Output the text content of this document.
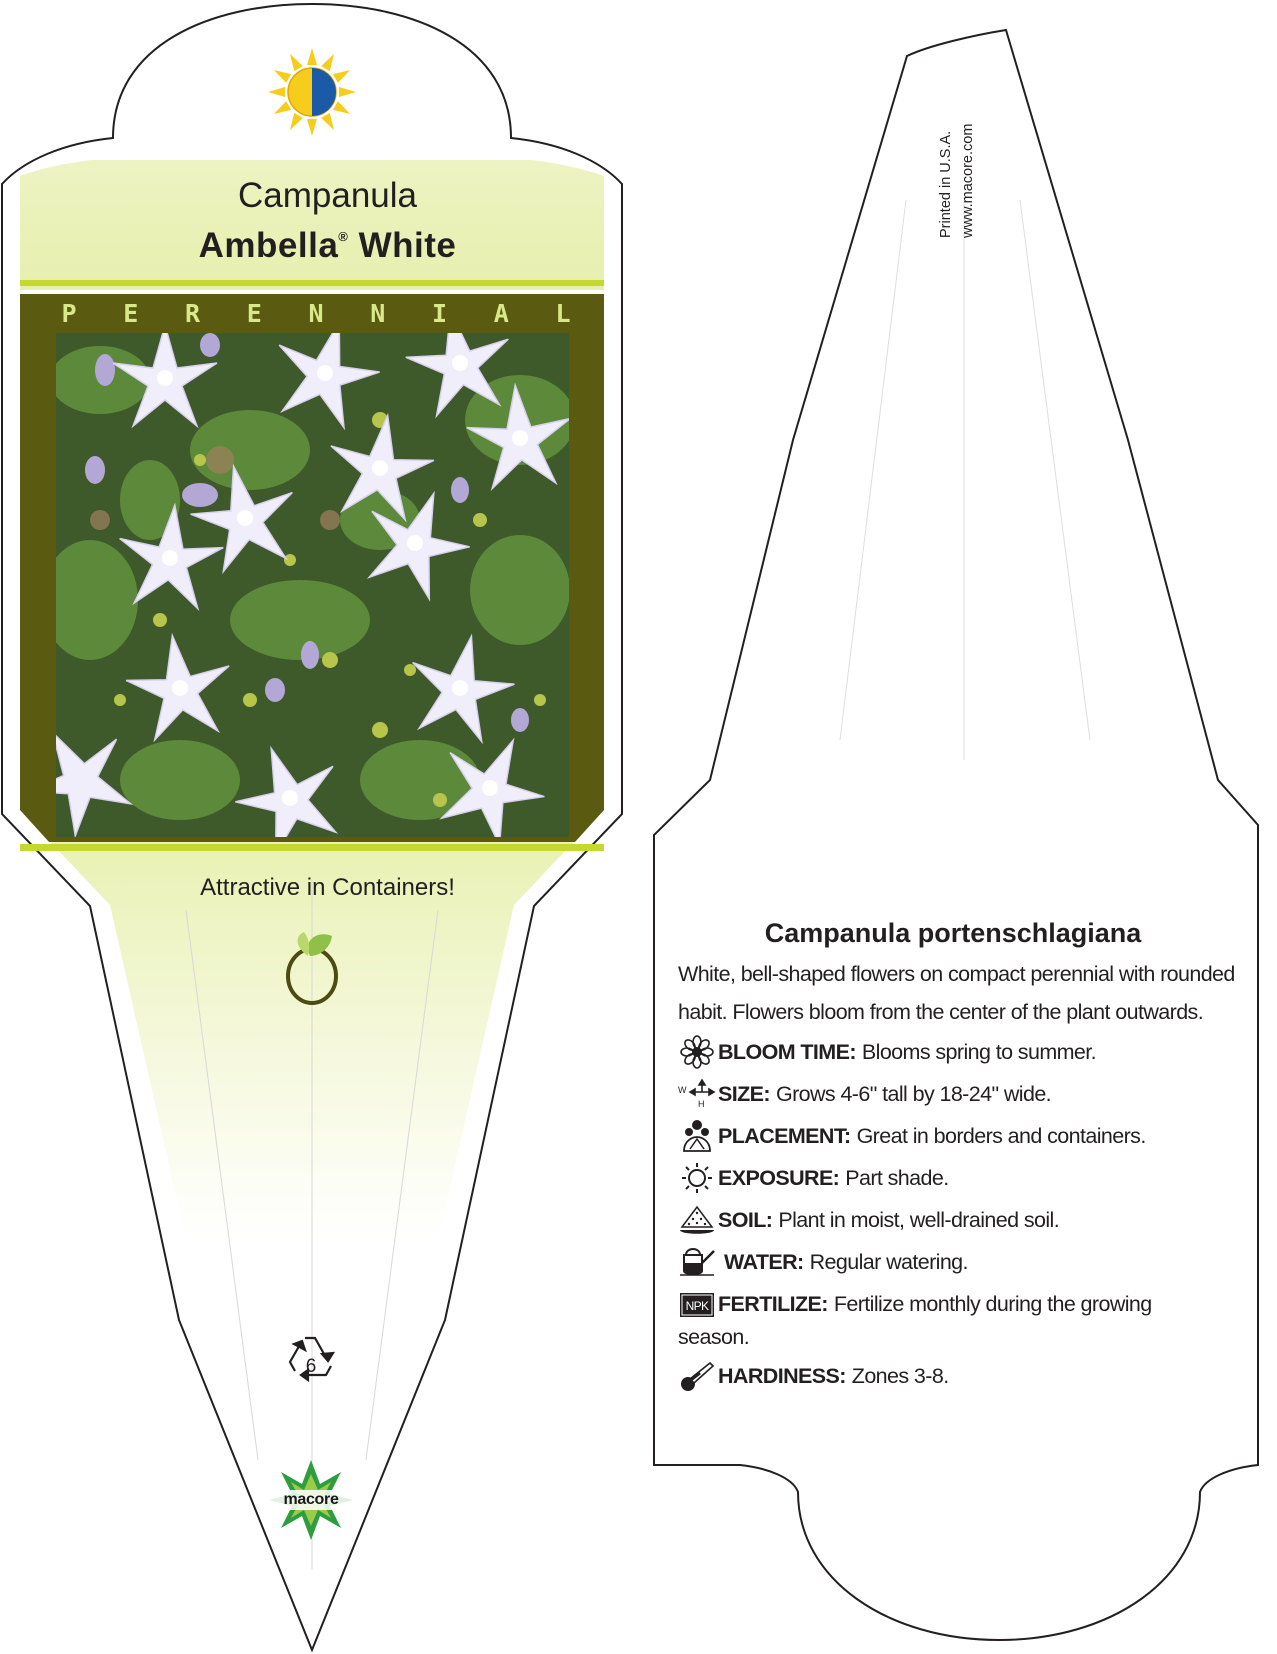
Campanula
Ambella® White
P E R E N N I A L
Attractive in Containers!
6
macore
Printed in U.S.A. www.macore.com
Campanula portenschlagiana

White, bell-shaped flowers on compact perennial with rounded habit. Flowers bloom from the center of the plant outwards.

BLOOM TIME: Blooms spring to summer.
W
H SIZE: Grows 4-6" tall by 18-24" wide.
PLACEMENT: Great in borders and containers.
EXPOSURE: Part shade.
SOIL: Plant in moist, well-drained soil.
WATER: Regular watering.
NPK FERTILIZE: Fertilize monthly during the growing
season.
HARDINESS: Zones 3-8.
